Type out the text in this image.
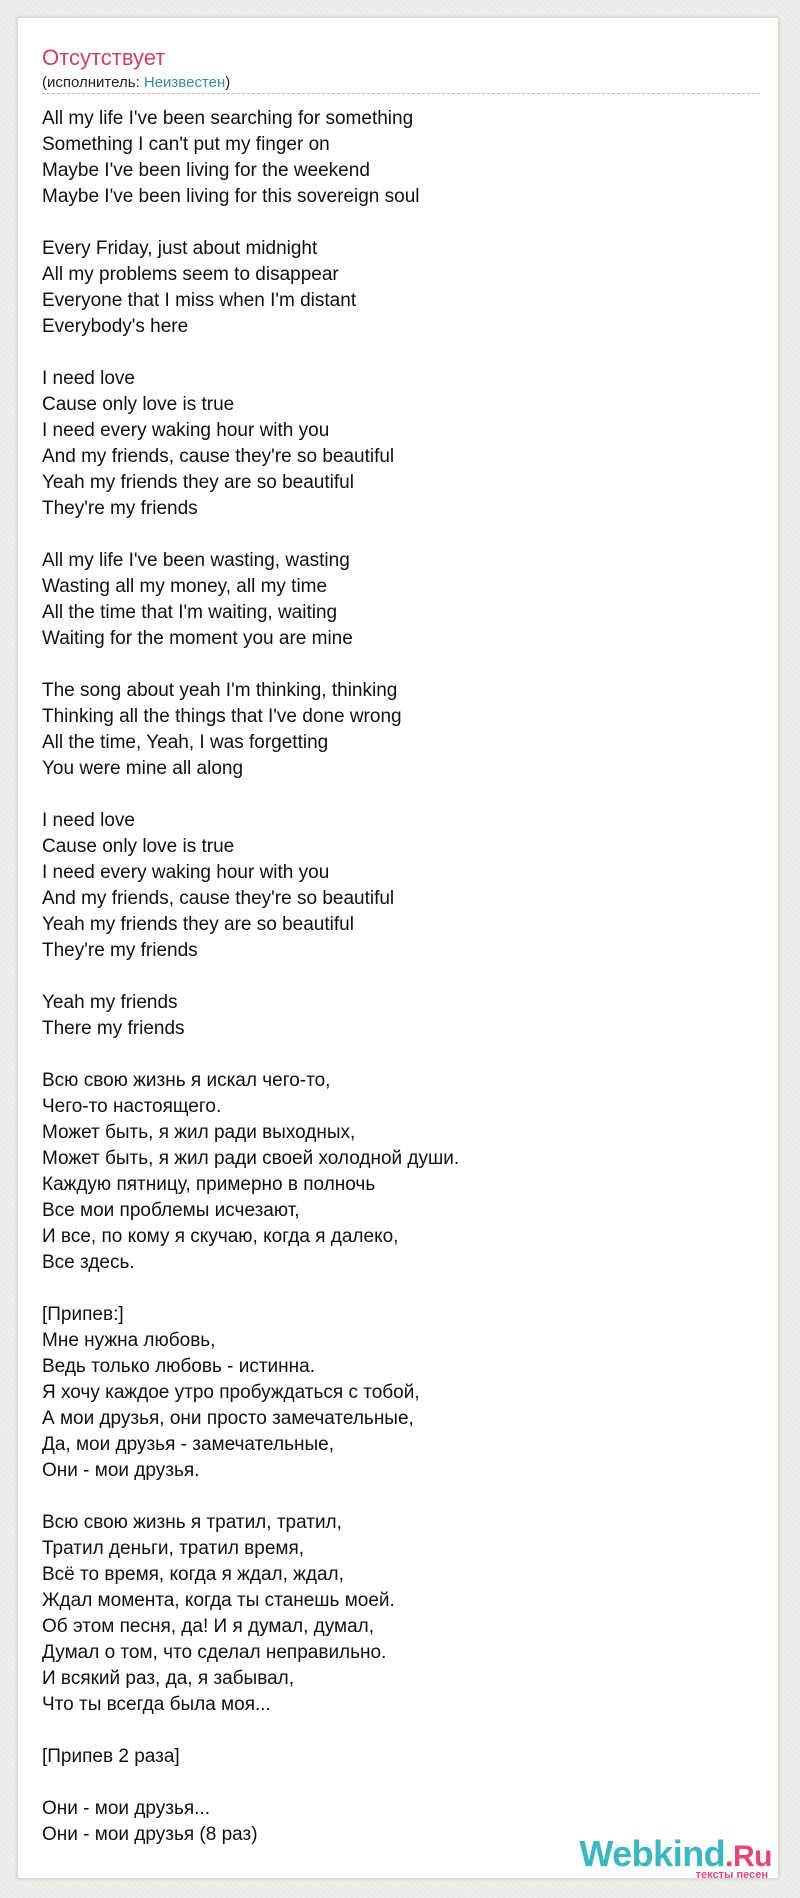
Отсутствует
(исполнитель: Неизвестен)
All my life I've been searching for something
Something I can't put my finger on
Maybe I've been living for the weekend
Maybe I've been living for this sovereign soul

Every Friday, just about midnight
All my problems seem to disappear
Everyone that I miss when I'm distant
Everybody's here

I need love
Cause only love is true
I need every waking hour with you
And my friends, cause they're so beautiful
Yeah my friends they are so beautiful
They're my friends

All my life I've been wasting, wasting
Wasting all my money, all my time
All the time that I'm waiting, waiting
Waiting for the moment you are mine

The song about yeah I'm thinking, thinking
Thinking all the things that I've done wrong
All the time, Yeah, I was forgetting
You were mine all along

I need love
Cause only love is true
I need every waking hour with you
And my friends, cause they're so beautiful
Yeah my friends they are so beautiful
They're my friends

Yeah my friends
There my friends

Всю свою жизнь я искал чего-то,
Чего-то настоящего.
Может быть, я жил ради выходных,
Может быть, я жил ради своей холодной души.
Каждую пятницу, примерно в полночь
Все мои проблемы исчезают,
И все, по кому я скучаю, когда я далеко,
Все здесь.

[Припев:]
Мне нужна любовь,
Ведь только любовь - истинна.
Я хочу каждое утро пробуждаться с тобой,
А мои друзья, они просто замечательные,
Да, мои друзья - замечательные,
Они - мои друзья.

Всю свою жизнь я тратил, тратил,
Тратил деньги, тратил время,
Всё то время, когда я ждал, ждал,
Ждал момента, когда ты станешь моей.
Об этом песня, да! И я думал, думал,
Думал о том, что сделал неправильно.
И всякий раз, да, я забывал,
Что ты всегда была моя...

[Припев 2 раза]

Они - мои друзья...
Они - мои друзья (8 раз)	Webkind.Ru
тексты песен
